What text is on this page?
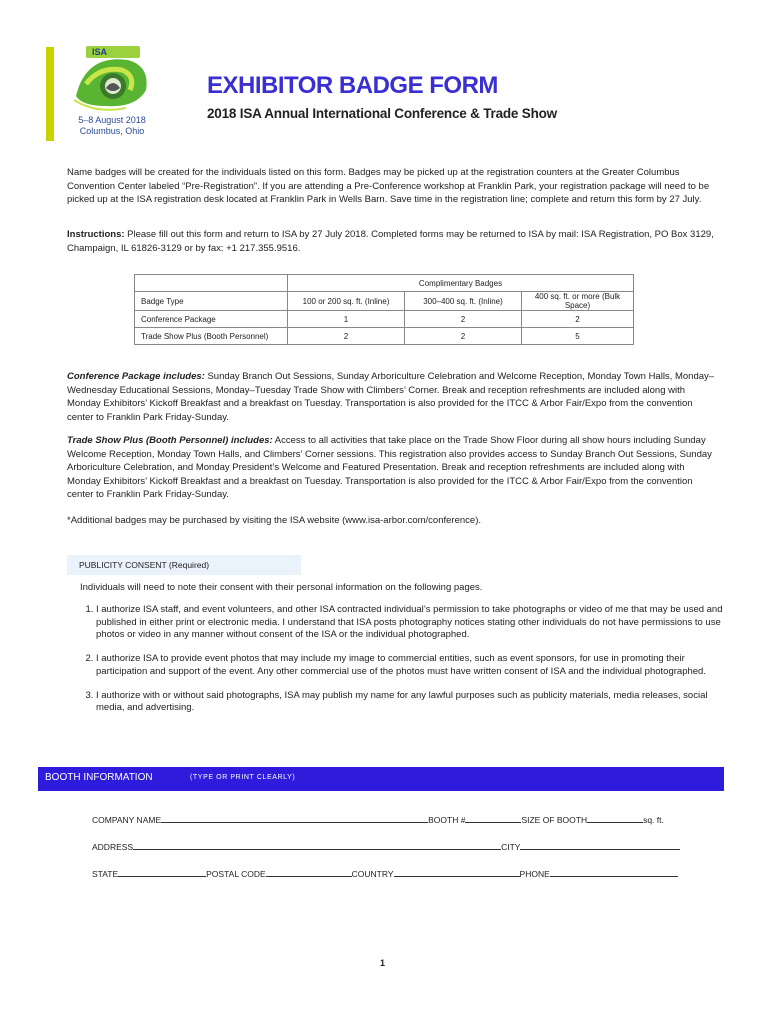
ISA
5–8 August 2018
Columbus, Ohio
EXHIBITOR BADGE FORM
2018 ISA Annual International Conference & Trade Show
Name badges will be created for the individuals listed on this form. Badges may be picked up at the registration counters at the Greater Columbus Convention Center labeled “Pre-Registration”. If you are attending a Pre-Conference workshop at Franklin Park, your registration package will need to be picked up at the ISA registration desk located at Franklin Park in Wells Barn. Save time in the registration line; complete and return this form by 27 July.
Instructions: Please fill out this form and return to ISA by 27 July 2018. Completed forms may be returned to ISA by mail: ISA Registration, PO Box 3129, Champaign, IL 61826-3129 or by fax: +1 217.355.9516.
	Complimentary Badges		
Badge Type	100 or 200 sq. ft. (Inline)	300–400 sq. ft. (Inline)	400 sq. ft. or more (Bulk Space)
Conference Package	1	2	2
Trade Show Plus (Booth Personnel)	2	2	5
Conference Package includes: Sunday Branch Out Sessions, Sunday Arboriculture Celebration and Welcome Reception, Monday Town Halls, Monday–Wednesday Educational Sessions, Monday–Tuesday Trade Show with Climbers’ Corner. Break and reception refreshments are included along with Monday Exhibitors’ Kickoff Breakfast and a breakfast on Tuesday. Transportation is also provided for the ITCC & Arbor Fair/Expo from the convention center to Franklin Park Friday-Sunday.
Trade Show Plus (Booth Personnel) includes: Access to all activities that take place on the Trade Show Floor during all show hours including Sunday Welcome Reception, Monday Town Halls, and Climbers’ Corner sessions. This registration also provides access to Sunday Branch Out Sessions, Sunday Arboriculture Celebration, and Monday President’s Welcome and Featured Presentation. Break and reception refreshments are included along with Monday Exhibitors’ Kickoff Breakfast and a breakfast on Tuesday. Transportation is also provided for the ITCC & Arbor Fair/Expo from the convention center to Franklin Park Friday-Sunday.
*Additional badges may be purchased by visiting the ISA website (www.isa-arbor.com/conference).
PUBLICITY CONSENT (Required)
Individuals will need to note their consent with their personal information on the following pages.
1. I authorize ISA staff, and event volunteers, and other ISA contracted individual’s permission to take photographs or video of me that may be used and published in either print or electronic media. I understand that ISA posts photography notices stating other individuals do not have permissions to use photos or video in any manner without consent of the ISA or the individual photographed.
2. I authorize ISA to provide event photos that may include my image to commercial entities, such as event sponsors, for use in promoting their participation and support of the event. Any other commercial use of the photos must have written consent of ISA and the individual photographed.
3. I authorize with or without said photographs, ISA may publish my name for any lawful purposes such as publicity materials, media releases, social media, and advertising.
BOOTH INFORMATION	(TYPE OR PRINT CLEARLY)
COMPANY NAME	BOOTH #	SIZE OF BOOTH	sq. ft.
ADDRESS	CITY
STATE	POSTAL CODE	COUNTRY	PHONE
1
